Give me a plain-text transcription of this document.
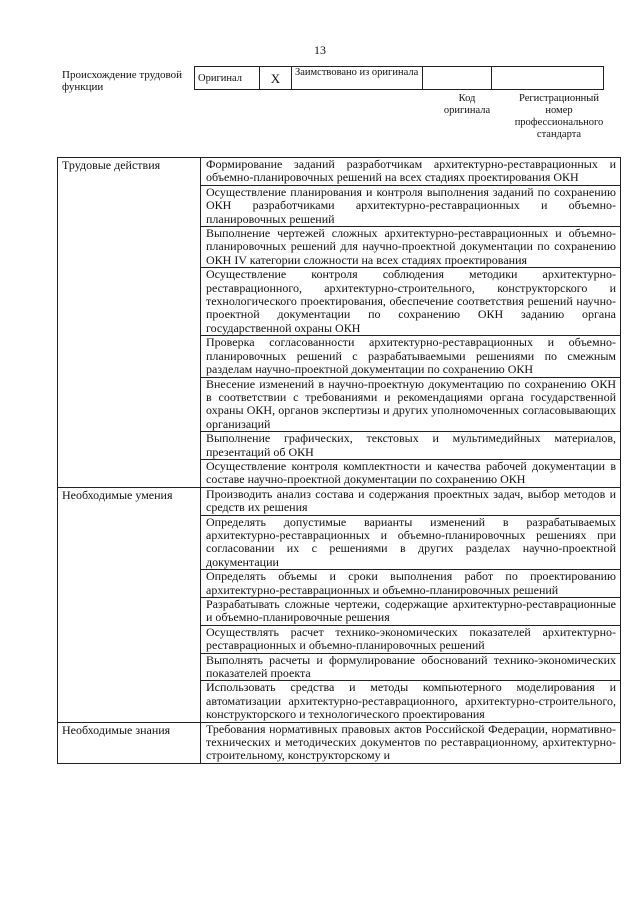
13
Происхождение трудовой функции
Оригинал	X	Заимствовано из оригинала		
Код оригинала
Регистрационный номер профессионального стандарта
Трудовые действия	Формирование заданий разработчикам архитектурно-реставрационных и объемно-планировочных решений на всех стадиях проектирования ОКН
	Осуществление планирования и контроля выполнения заданий по сохранению ОКН разработчиками архитектурно-реставрационных и объемно-планировочных решений
	Выполнение чертежей сложных архитектурно-реставрационных и объемно-планировочных решений для научно-проектной документации по сохранению ОКН IV категории сложности на всех стадиях проектирования
	Осуществление контроля соблюдения методики архитектурно-реставрационного, архитектурно-строительного, конструкторского и технологического проектирования, обеспечение соответствия решений научно-проектной документации по сохранению ОКН заданию органа государственной охраны ОКН
	Проверка согласованности архитектурно-реставрационных и объемно-планировочных решений с разрабатываемыми решениями по смежным разделам научно-проектной документации по сохранению ОКН
	Внесение изменений в научно-проектную документацию по сохранению ОКН в соответствии с требованиями и рекомендациями органа государственной охраны ОКН, органов экспертизы и других уполномоченных согласовывающих организаций
	Выполнение графических, текстовых и мультимедийных материалов, презентаций об ОКН
	Осуществление контроля комплектности и качества рабочей документации в составе научно-проектной документации по сохранению ОКН
Необходимые умения	Производить анализ состава и содержания проектных задач, выбор методов и средств их решения
	Определять допустимые варианты изменений в разрабатываемых архитектурно-реставрационных и объемно-планировочных решениях при согласовании их с решениями в других разделах научно-проектной документации
	Определять объемы и сроки выполнения работ по проектированию архитектурно-реставрационных и объемно-планировочных решений
	Разрабатывать сложные чертежи, содержащие архитектурно-реставрационные и объемно-планировочные решения
	Осуществлять расчет технико-экономических показателей архитектурно-реставрационных и объемно-планировочных решений
	Выполнять расчеты и формулирование обоснований технико-экономических показателей проекта
	Использовать средства и методы компьютерного моделирования и автоматизации архитектурно-реставрационного, архитектурно-строительного, конструкторского и технологического проектирования
Необходимые знания	Требования нормативных правовых актов Российской Федерации, нормативно-технических и методических документов по реставрационному, архитектурно-строительному, конструкторскому и
